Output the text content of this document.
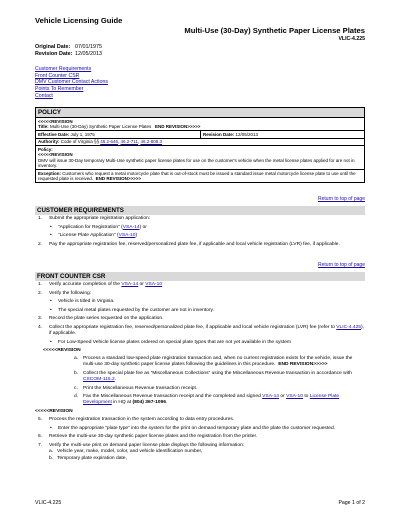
Vehicle Licensing Guide
Multi-Use (30-Day) Synthetic Paper License Plates
VLIC-4.225
Original Date: 07/01/1975
Revision Date: 12/05/2013
Customer Requirements
Front Counter CSR
DMV Customer Contact Actions
Points To Remember
Contact
POLICY
<<<<<REVISION
Title: Multi-Use (30-Day) Synthetic Paper License Plates END REVISION>>>>>
Effective Date: July 1, 1975	Revision Date: 12/05/2013
Authority: Code of Virginia §§ 46.2-646, 46.2-711, 46.2-808.3
Policy:
<<<<<REVISION
DMV will issue 30-Day temporary Multi-Use synthetic paper license plates for use on the customer's vehicle when the metal license plates applied for are not in inventory.
Exception: Customers who request a metal motorcycle plate that is out-of-stock must be issued a standard issue metal motorcycle license plate to use until the requested plate is received. END REVISION>>>>>
Return to top of page
CUSTOMER REQUIREMENTS
1. Submit the appropriate registration application:
• “Application for Registration” (VSA-14) or
• “License Plate Application” (VSA-10)
2. Pay the appropriate registration fee, reserved/personalized plate fee, if applicable and local vehicle registration (LVR) fee, if applicable.
Return to top of page
FRONT COUNTER CSR
1. Verify accurate completion of the VSA-14 or VSA-10
2. Verify the following:
• Vehicle is titled in Virginia.
• The special metal plates requested by the customer are not in inventory.
3. Record the plate series requested on the application.
4. Collect the appropriate registration fee, reserved/personalized plate fee, if applicable and local vehicle registration (LVR) fee (refer to VLIC-4.425), if applicable.
• For Low-Speed Vehicle license plates ordered on special plate types that are not yet available in the system
<<<<<REVISION
a. Process a standard low-speed plate registration transaction and, when no current registration exists for the vehicle, issue the multi-use 30-day synthetic paper license plates following the guidelines in this procedure. END REVISION>>>>>
b. Collect the special plate fee as “Miscellaneous Collections” using the Miscellaneous Revenue transaction in accordance with CSCOM-115.2.
c. Print the Miscellaneous Revenue transaction receipt.
d. Fax the Miscellaneous Revenue transaction receipt and the completed and signed VSA-14 or VSA-10 to License Plate Development in HQ at (804) 367-1096.
<<<<<REVISION
5. Process the registration transaction in the system according to data entry procedures.
• Enter the appropriate “plate type” into the system for the print on demand temporary plate and the plate the customer requested.
6. Retrieve the multi-use 30-day synthetic paper license plates and the registration from the printer.
7. Verify the multi-use print on demand paper license plate displays the following information:
a. Vehicle year, make, model, color, and vehicle identification number,
b. Temporary plate expiration date,
VLIC-4.225	Page 1 of 2
